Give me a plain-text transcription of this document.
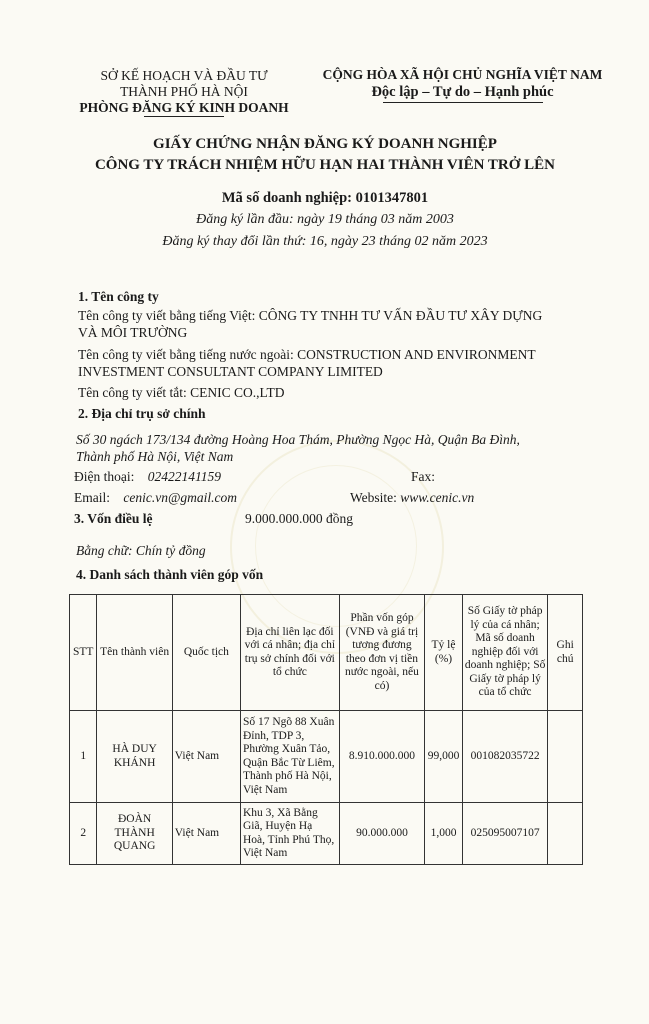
SỞ KẾ HOẠCH VÀ ĐẦU TƯ
THÀNH PHỐ HÀ NỘI
PHÒNG ĐĂNG KÝ KINH DOANH
CỘNG HÒA XÃ HỘI CHỦ NGHĨA VIỆT NAM
Độc lập – Tự do – Hạnh phúc
GIẤY CHỨNG NHẬN ĐĂNG KÝ DOANH NGHIỆP
CÔNG TY TRÁCH NHIỆM HỮU HẠN HAI THÀNH VIÊN TRỞ LÊN
Mã số doanh nghiệp: 0101347801
Đăng ký lần đầu: ngày 19 tháng 03 năm 2003
Đăng ký thay đổi lần thứ: 16, ngày 23 tháng 02 năm 2023
1. Tên công ty
Tên công ty viết bằng tiếng Việt: CÔNG TY TNHH TƯ VẤN ĐẦU TƯ XÂY DỰNG
VÀ MÔI TRƯỜNG
Tên công ty viết bằng tiếng nước ngoài: CONSTRUCTION AND ENVIRONMENT
INVESTMENT CONSULTANT COMPANY LIMITED
Tên công ty viết tắt: CENIC CO.,LTD
2. Địa chỉ trụ sở chính
Số 30 ngách 173/134 đường Hoàng Hoa Thám, Phường Ngọc Hà, Quận Ba Đình,
Thành phố Hà Nội, Việt Nam
Điện thoại: 02422141159	Fax:
Email: cenic.vn@gmail.com	Website: www.cenic.vn
3. Vốn điều lệ	9.000.000.000 đồng
Bằng chữ: Chín tỷ đồng
4. Danh sách thành viên góp vốn
STT	Tên thành viên	Quốc tịch	Địa chỉ liên lạc đối với cá nhân; địa chỉ trụ sở chính đối với tổ chức	Phần vốn góp (VNĐ và giá trị tương đương theo đơn vị tiền nước ngoài, nếu có)	Tỷ lệ (%)	Số Giấy tờ pháp lý của cá nhân; Mã số doanh nghiệp đối với doanh nghiệp; Số Giấy tờ pháp lý của tổ chức	Ghi chú
1	HÀ DUY KHÁNH	Việt Nam	Số 17 Ngõ 88 Xuân Đỉnh, TDP 3, Phường Xuân Tảo, Quận Bắc Từ Liêm, Thành phố Hà Nội, Việt Nam	8.910.000.000	99,000	001082035722	
2	ĐOÀN THÀNH QUANG	Việt Nam	Khu 3, Xã Bằng Giã, Huyện Hạ Hoà, Tỉnh Phú Thọ, Việt Nam	90.000.000	1,000	025095007107	
